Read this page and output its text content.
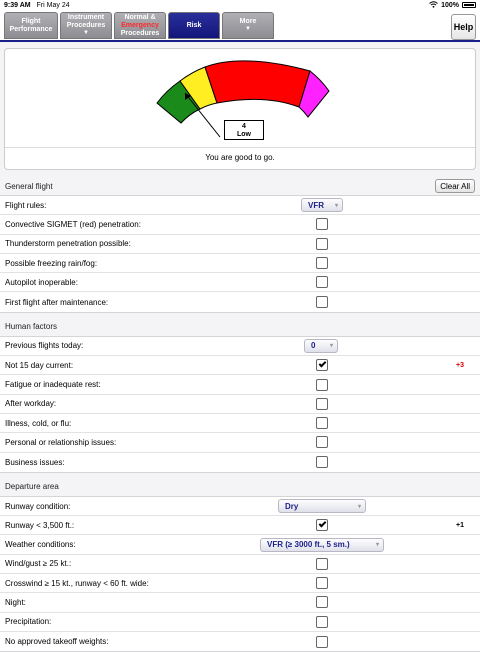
9:39 AM Fri May 24	100%
Flight
Performance
Instrument
Procedures
▼
Normal &
Emergency
Procedures
Risk	More
▼	Help
4
Low
You are good to go.
General flight	Clear All
Flight rules:	VFR ▾
Convective SIGMET (red) penetration:
Thunderstorm penetration possible:
Possible freezing rain/fog:
Autopilot inoperable:
First flight after maintenance:
Human factors
Previous flights today:	0 ▾
Not 15 day current:	+3
Fatigue or inadequate rest:
After workday:
Illness, cold, or flu:
Personal or relationship issues:
Business issues:
Departure area
Runway condition:	Dry	▾
Runway < 3,500 ft.:	+1
Weather conditions:	VFR (≥ 3000 ft., 5 sm.)	▾
Wind/gust ≥ 25 kt.:
Crosswind ≥ 15 kt., runway < 60 ft. wide:
Night:
Precipitation:
No approved takeoff weights:
